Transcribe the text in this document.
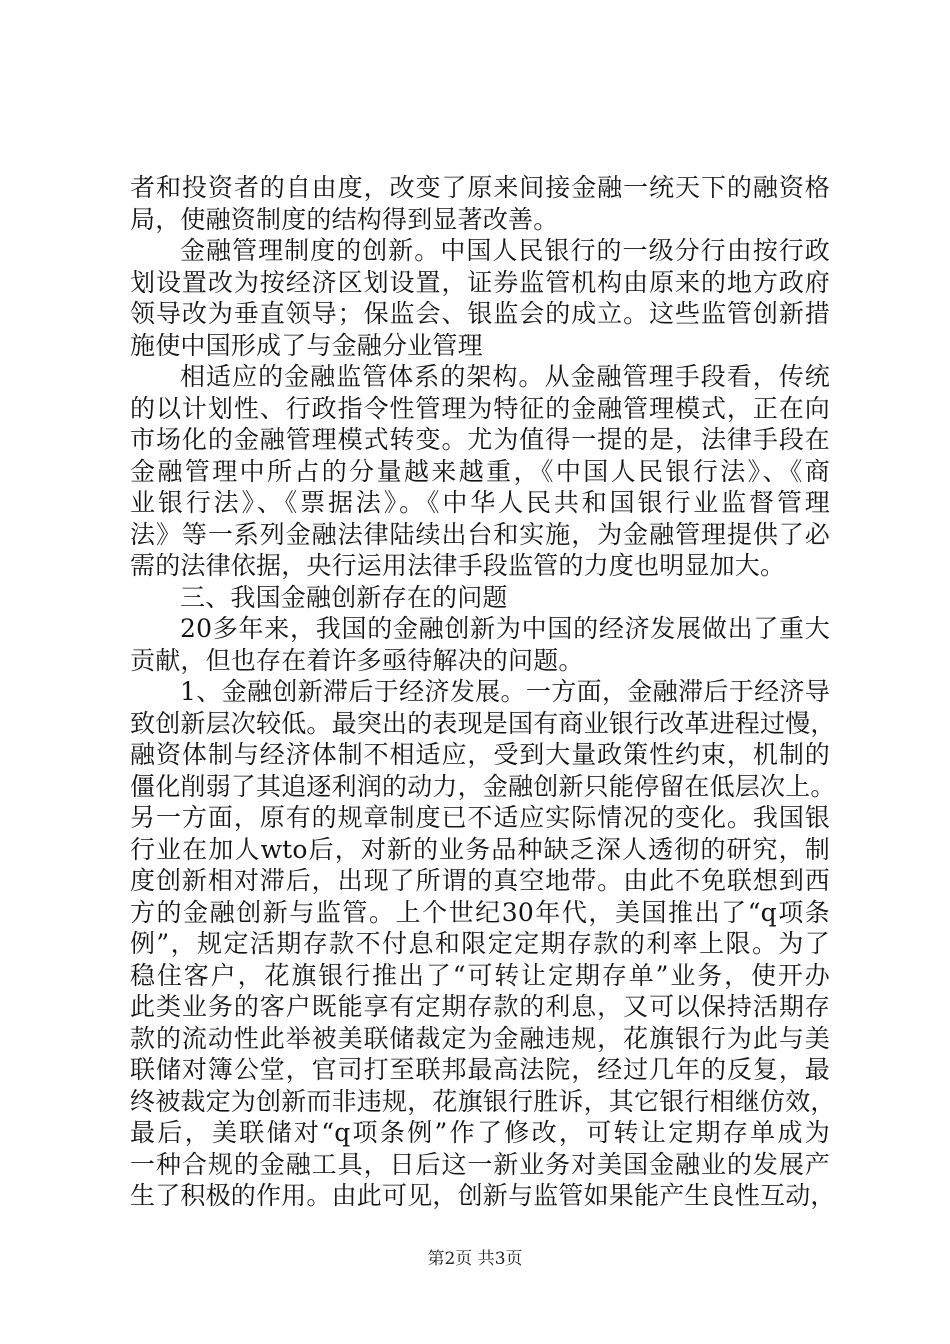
者和投资者的自由度，改变了原来间接金融一统天下的融资格
局，使融资制度的结构得到显著改善。
金融管理制度的创新。中国人民银行的一级分行由按行政
划设置改为按经济区划设置，证券监管机构由原来的地方政府
领导改为垂直领导；保监会、银监会的成立。这些监管创新措
施使中国形成了与金融分业管理
相适应的金融监管体系的架构。从金融管理手段看，传统
的以计划性、行政指令性管理为特征的金融管理模式，正在向
市场化的金融管理模式转变。尤为值得一提的是，法律手段在
金融管理中所占的分量越来越重，《中国人民银行法》、《商
业银行法》、《票据法》。《中华人民共和国银行业监督管理
法》等一系列金融法律陆续出台和实施，为金融管理提供了必
需的法律依据，央行运用法律手段监管的力度也明显加大。
三、我国金融创新存在的问题
20多年来，我国的金融创新为中国的经济发展做出了重大
贡献，但也存在着许多亟待解决的问题。
1、金融创新滞后于经济发展。一方面，金融滞后于经济导
致创新层次较低。最突出的表现是国有商业银行改革进程过慢，
融资体制与经济体制不相适应，受到大量政策性约束，机制的
僵化削弱了其追逐利润的动力，金融创新只能停留在低层次上。
另一方面，原有的规章制度已不适应实际情况的变化。我国银
行业在加人wto后，对新的业务品种缺乏深人透彻的研究，制
度创新相对滞后，出现了所谓的真空地带。由此不免联想到西
方的金融创新与监管。上个世纪30年代，美国推出了“q项条
例”，规定活期存款不付息和限定定期存款的利率上限。为了
稳住客户，花旗银行推出了“可转让定期存单”业务，使开办
此类业务的客户既能享有定期存款的利息，又可以保持活期存
款的流动性此举被美联储裁定为金融违规，花旗银行为此与美
联储对簿公堂，官司打至联邦最高法院，经过几年的反复，最
终被裁定为创新而非违规，花旗银行胜诉，其它银行相继仿效，
最后，美联储对“q项条例”作了修改，可转让定期存单成为
一种合规的金融工具，日后这一新业务对美国金融业的发展产
生了积极的作用。由此可见，创新与监管如果能产生良性互动，
第2页 共3页
